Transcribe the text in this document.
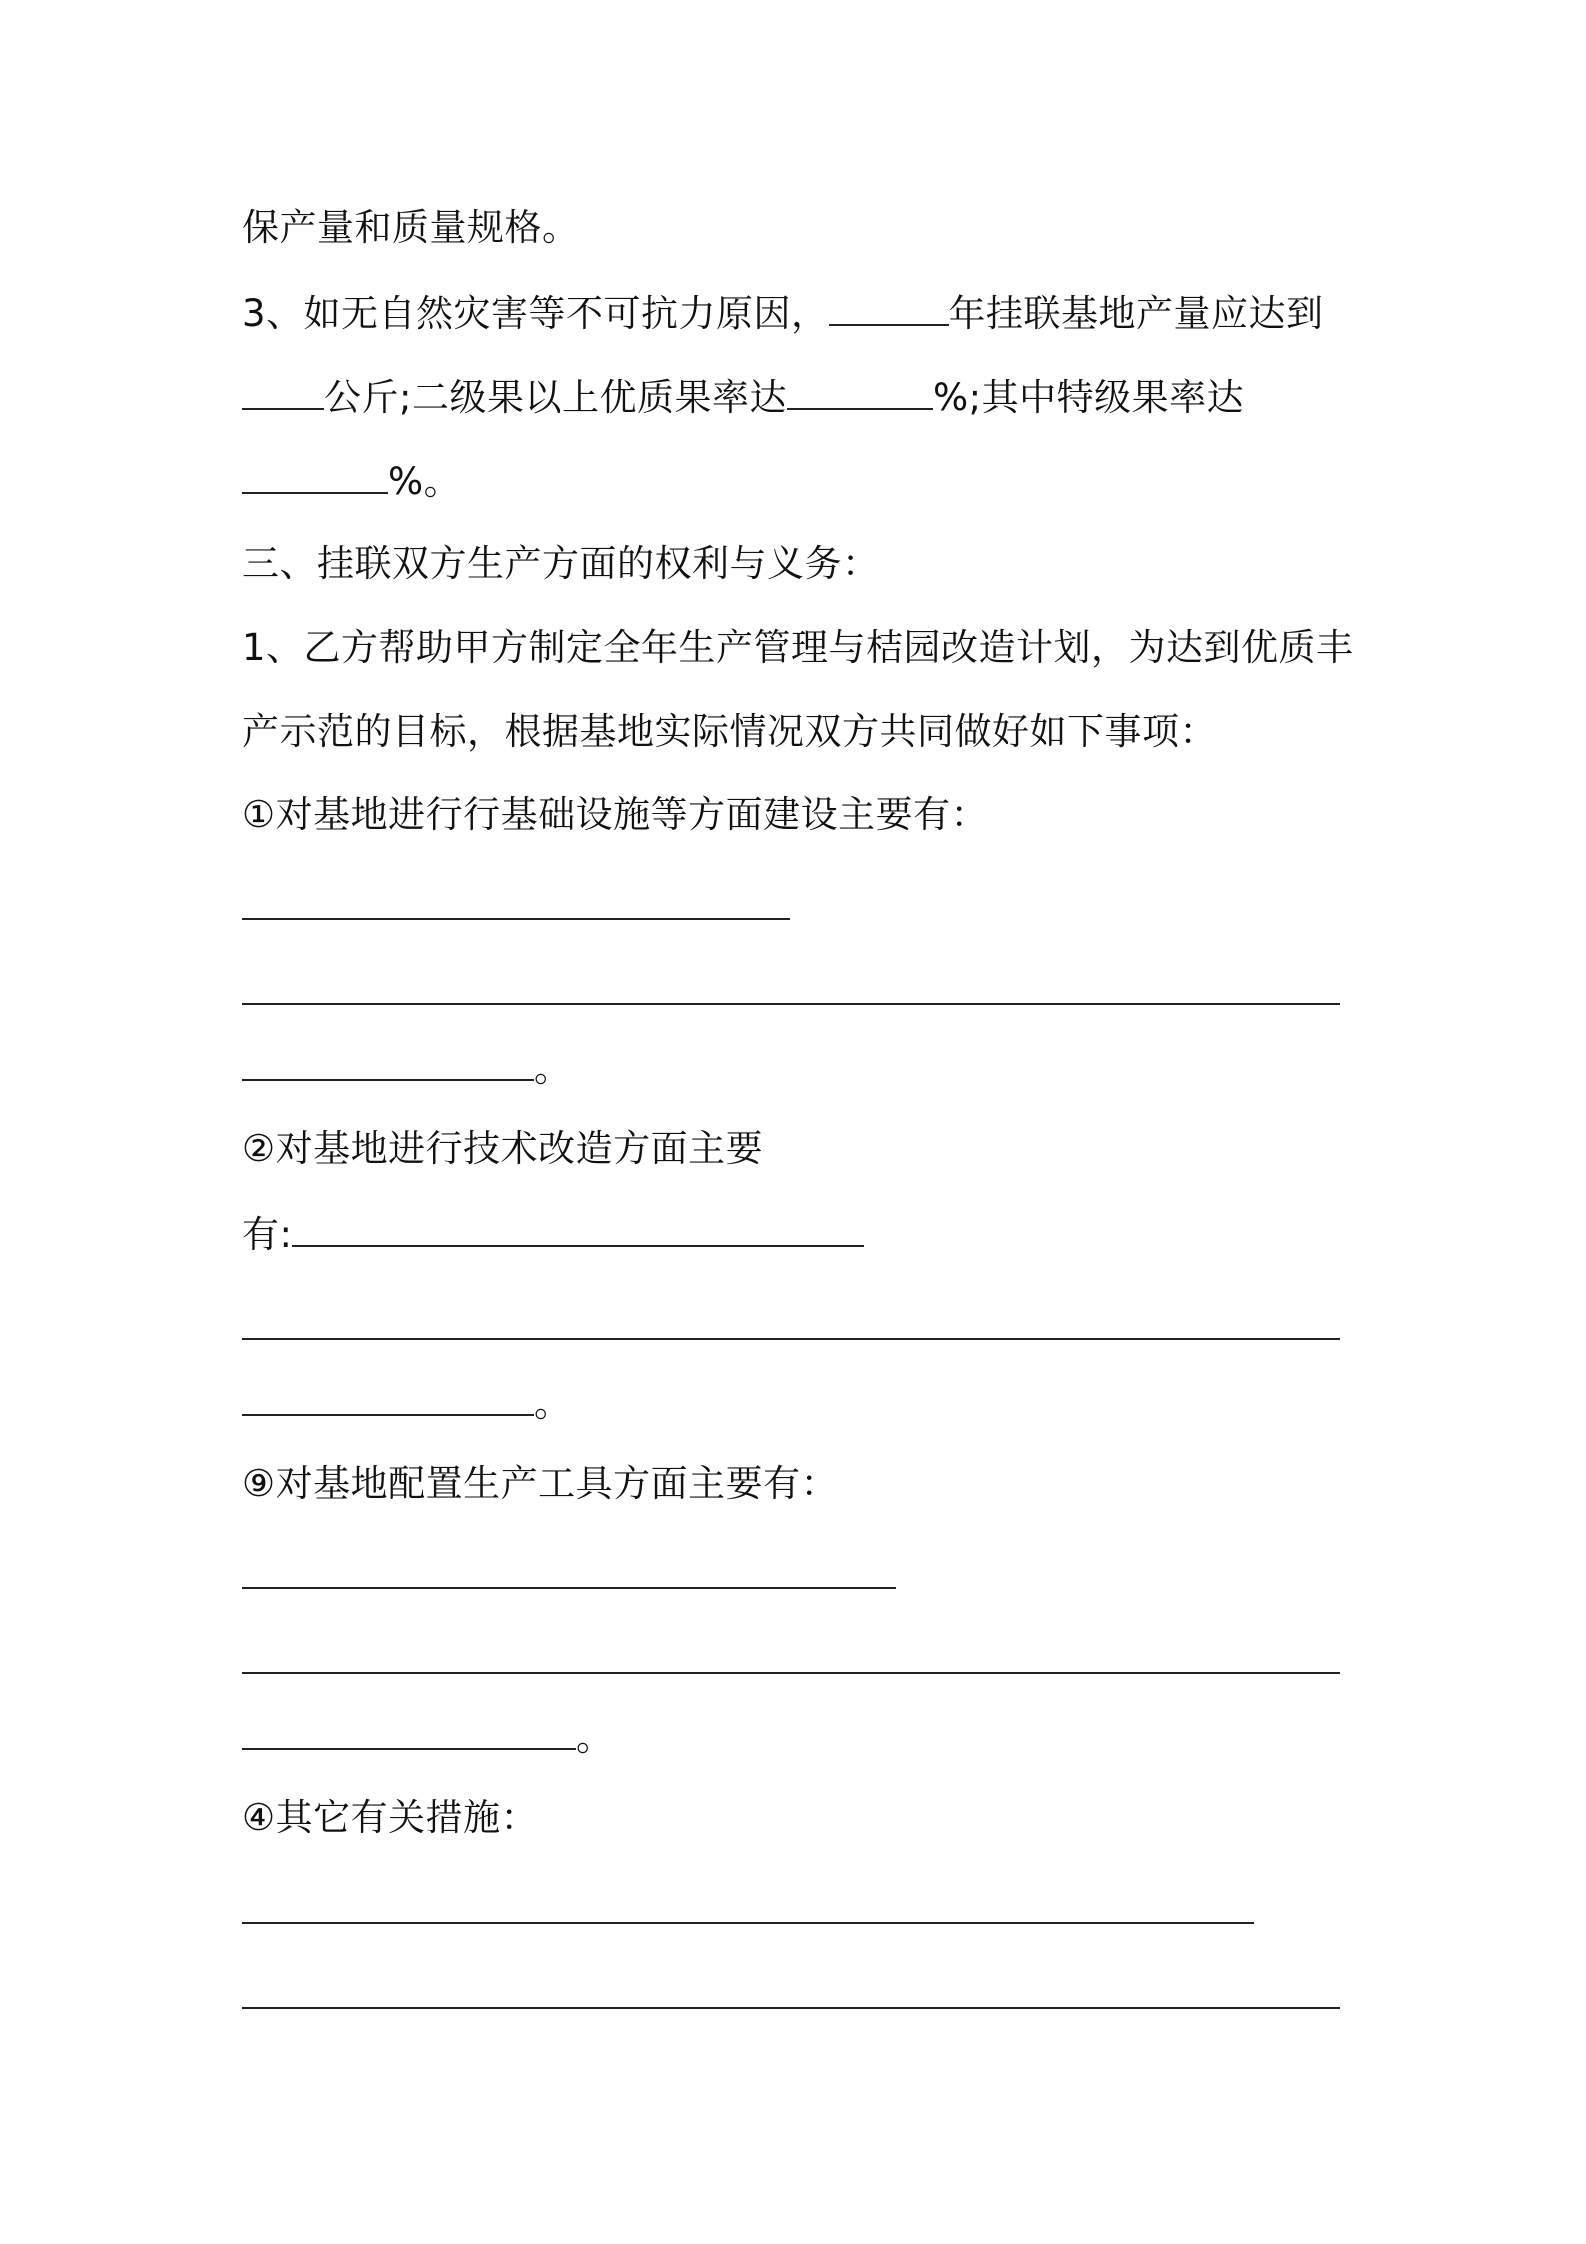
保产量和质量规格。
3、如无自然灾害等不可抗力原因，	年挂联基地产量应达到
公斤;二级果以上优质果率达	%;其中特级果率达
%。
三、挂联双方生产方面的权利与义务：
1、乙方帮助甲方制定全年生产管理与桔园改造计划，为达到优质丰
产示范的目标，根据基地实际情况双方共同做好如下事项：
①对基地进行行基础设施等方面建设主要有：
。
②对基地进行技术改造方面主要
有:
。
⑨对基地配置生产工具方面主要有：
。
④其它有关措施：
